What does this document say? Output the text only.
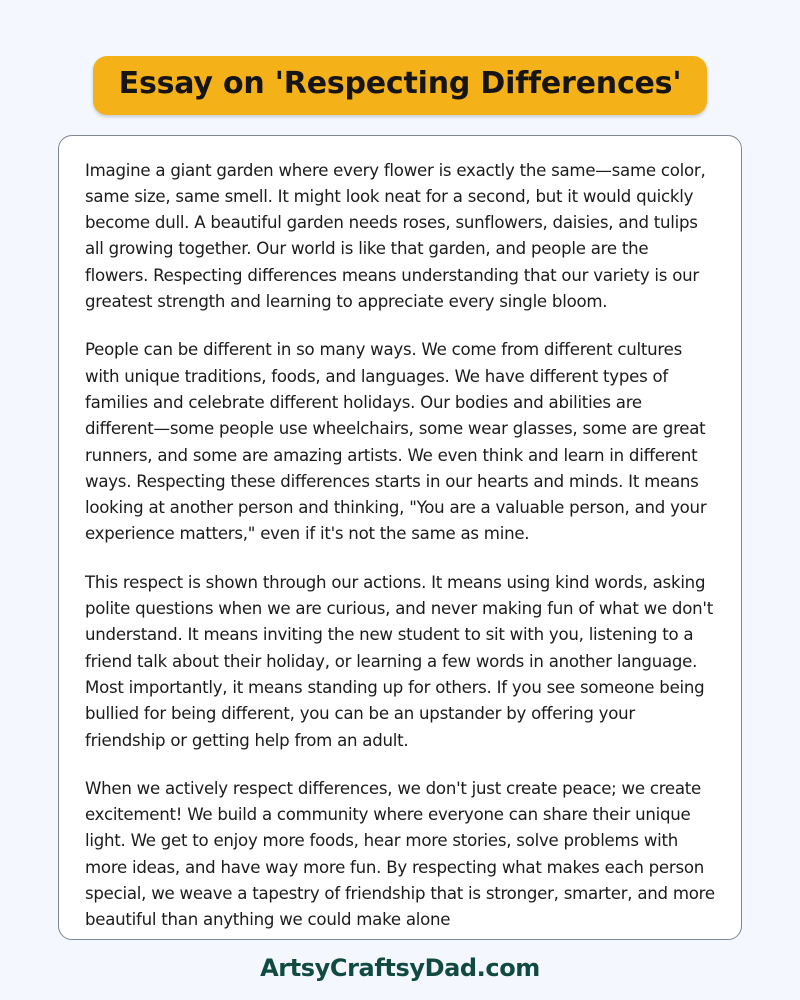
Essay on 'Respecting Differences'

Imagine a giant garden where every flower is exactly the same—same color, same size, same smell. It might look neat for a second, but it would quickly become dull. A beautiful garden needs roses, sunflowers, daisies, and tulips all growing together. Our world is like that garden, and people are the flowers. Respecting differences means understanding that our variety is our greatest strength and learning to appreciate every single bloom.

People can be different in so many ways. We come from different cultures with unique traditions, foods, and languages. We have different types of families and celebrate different holidays. Our bodies and abilities are different—some people use wheelchairs, some wear glasses, some are great runners, and some are amazing artists. We even think and learn in different ways. Respecting these differences starts in our hearts and minds. It means looking at another person and thinking, "You are a valuable person, and your experience matters," even if it's not the same as mine.

This respect is shown through our actions. It means using kind words, asking polite questions when we are curious, and never making fun of what we don't understand. It means inviting the new student to sit with you, listening to a friend talk about their holiday, or learning a few words in another language. Most importantly, it means standing up for others. If you see someone being bullied for being different, you can be an upstander by offering your friendship or getting help from an adult.

When we actively respect differences, we don't just create peace; we create excitement! We build a community where everyone can share their unique light. We get to enjoy more foods, hear more stories, solve problems with more ideas, and have way more fun. By respecting what makes each person special, we weave a tapestry of friendship that is stronger, smarter, and more beautiful than anything we could make alone

ArtsyCraftsyDad.com
